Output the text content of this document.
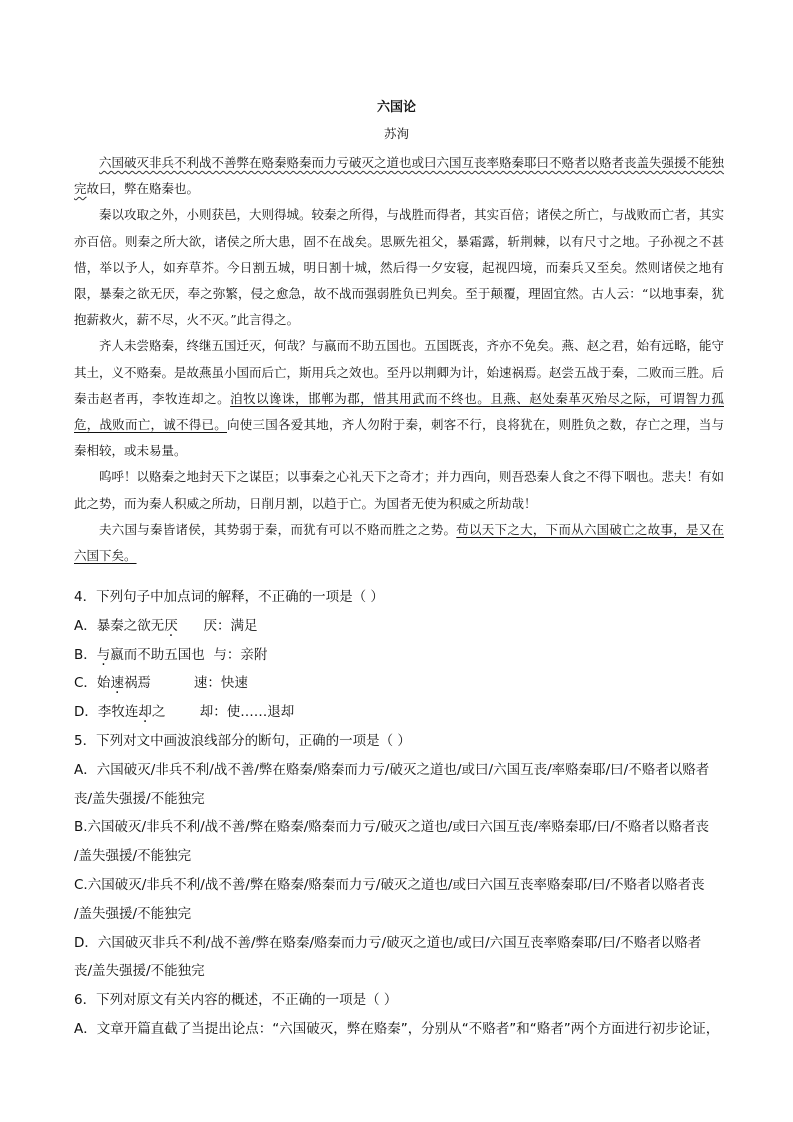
六国论
苏洵

六国破灭非兵不利战不善弊在赂秦赂秦而力亏破灭之道也或曰六国互丧率赂秦耶曰不赂者以赂者丧盖失强援不能独完故曰，弊在赂秦也。

秦以攻取之外，小则获邑，大则得城。较秦之所得，与战胜而得者，其实百倍；诸侯之所亡，与战败而亡者，其实亦百倍。则秦之所大欲，诸侯之所大患，固不在战矣。思厥先祖父，暴霜露，斩荆棘，以有尺寸之地。子孙视之不甚惜，举以予人，如弃草芥。今日割五城，明日割十城，然后得一夕安寝，起视四境，而秦兵又至矣。然则诸侯之地有限，暴秦之欲无厌，奉之弥繁，侵之愈急，故不战而强弱胜负已判矣。至于颠覆，理固宜然。古人云：“以地事秦，犹抱薪救火，薪不尽，火不灭。”此言得之。

齐人未尝赂秦，终继五国迁灭，何哉？与嬴而不助五国也。五国既丧，齐亦不免矣。燕、赵之君，始有远略，能守其土，义不赂秦。是故燕虽小国而后亡，斯用兵之效也。至丹以荆卿为计，始速祸焉。赵尝五战于秦，二败而三胜。后秦击赵者再，李牧连却之。洎牧以谗诛，邯郸为郡，惜其用武而不终也。且燕、赵处秦革灭殆尽之际，可谓智力孤危，战败而亡，诚不得已。向使三国各爱其地，齐人勿附于秦，刺客不行，良将犹在，则胜负之数，存亡之理，当与秦相较，或未易量。

呜呼！以赂秦之地封天下之谋臣；以事秦之心礼天下之奇才；并力西向，则吾恐秦人食之不得下咽也。悲夫！有如此之势，而为秦人积威之所劫，日削月割，以趋于亡。为国者无使为积威之所劫哉！

夫六国与秦皆诸侯，其势弱于秦，而犹有可以不赂而胜之之势。苟以天下之大，下而从六国破亡之故事，是又在六国下矣。

4．下列句子中加点词的解释，不正确的一项是（ ）
A．暴秦之欲无厌      厌：满足
B．与嬴而不助五国也  与：亲附
C．始速祸焉          速：快速
D．李牧连却之        却：使……退却
5．下列对文中画波浪线部分的断句，正确的一项是（ ）
A．六国破灭/非兵不利/战不善/弊在赂秦/赂秦而力亏/破灭之道也/或曰/六国互丧/率赂秦耶/曰/不赂者以赂者
丧/盖失强援/不能独完
B.六国破灭/非兵不利/战不善/弊在赂秦/赂秦而力亏/破灭之道也/或曰六国互丧/率赂秦耶/曰/不赂者以赂者丧
/盖失强援/不能独完
C.六国破灭/非兵不利/战不善/弊在赂秦/赂秦而力亏/破灭之道也/或曰六国互丧率赂秦耶/曰/不赂者以赂者丧
/盖失强援/不能独完
D．六国破灭非兵不利/战不善/弊在赂秦/赂秦而力亏/破灭之道也/或曰/六国互丧率赂秦耶/曰/不赂者以赂者
丧/盖失强援/不能独完
6．下列对原文有关内容的概述，不正确的一项是（ ）
A．文章开篇直截了当提出论点：“六国破灭，弊在赂秦”，分别从“不赂者”和“赂者”两个方面进行初步论证，
